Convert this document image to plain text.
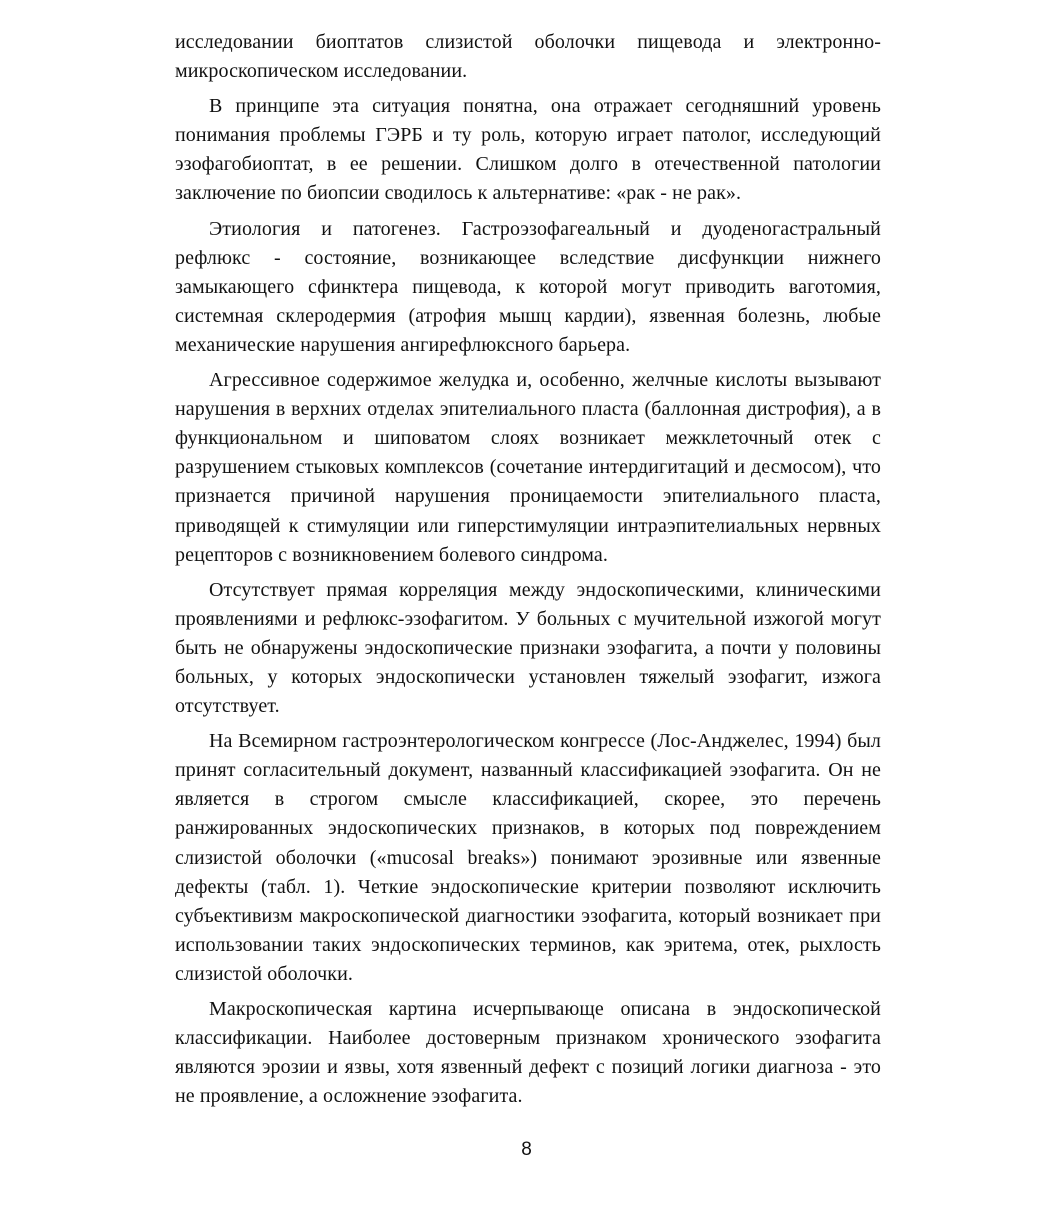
исследовании биоптатов слизистой оболочки пищевода и электронно-микроскопическом исследовании.

В принципе эта ситуация понятна, она отражает сегодняшний уровень понимания проблемы ГЭРБ и ту роль, которую играет патолог, исследующий эзофагобиоптат, в ее решении. Слишком долго в отечественной патологии заключение по биопсии сводилось к альтернативе: «рак - не рак».

Этиология и патогенез. Гастроэзофагеальный и дуоденогастральный рефлюкс - состояние, возникающее вследствие дисфункции нижнего замыкающего сфинктера пищевода, к которой могут приводить ваготомия, системная склеродермия (атрофия мышц кардии), язвенная болезнь, любые механические нарушения ангирефлюксного барьера.

Агрессивное содержимое желудка и, особенно, желчные кислоты вызывают нарушения в верхних отделах эпителиального пласта (баллонная дистрофия), а в функциональном и шиповатом слоях возникает межклеточный отек с разрушением стыковых комплексов (сочетание интердигитаций и десмосом), что признается причиной нарушения проницаемости эпителиального пласта, приводящей к стимуляции или гиперстимуляции интраэпителиальных нервных рецепторов с возникновением болевого синдрома.

Отсутствует прямая корреляция между эндоскопическими, клиническими проявлениями и рефлюкс-эзофагитом. У больных с мучительной изжогой могут быть не обнаружены эндоскопические признаки эзофагита, а почти у половины больных, у которых эндоскопически установлен тяжелый эзофагит, изжога отсутствует.

На Всемирном гастроэнтерологическом конгрессе (Лос-Анджелес, 1994) был принят согласительный документ, названный классификацией эзофагита. Он не является в строгом смысле классификацией, скорее, это перечень ранжированных эндоскопических признаков, в которых под повреждением слизистой оболочки («mucosal breaks») понимают эрозивные или язвенные дефекты (табл. 1). Четкие эндоскопические критерии позволяют исключить субъективизм макроскопической диагностики эзофагита, который возникает при использовании таких эндоскопических терминов, как эритема, отек, рыхлость слизистой оболочки.

Макроскопическая картина исчерпывающе описана в эндоскопической классификации. Наиболее достоверным признаком хронического эзофагита являются эрозии и язвы, хотя язвенный дефект с позиций логики диагноза - это не проявление, а осложнение эзофагита.

8
